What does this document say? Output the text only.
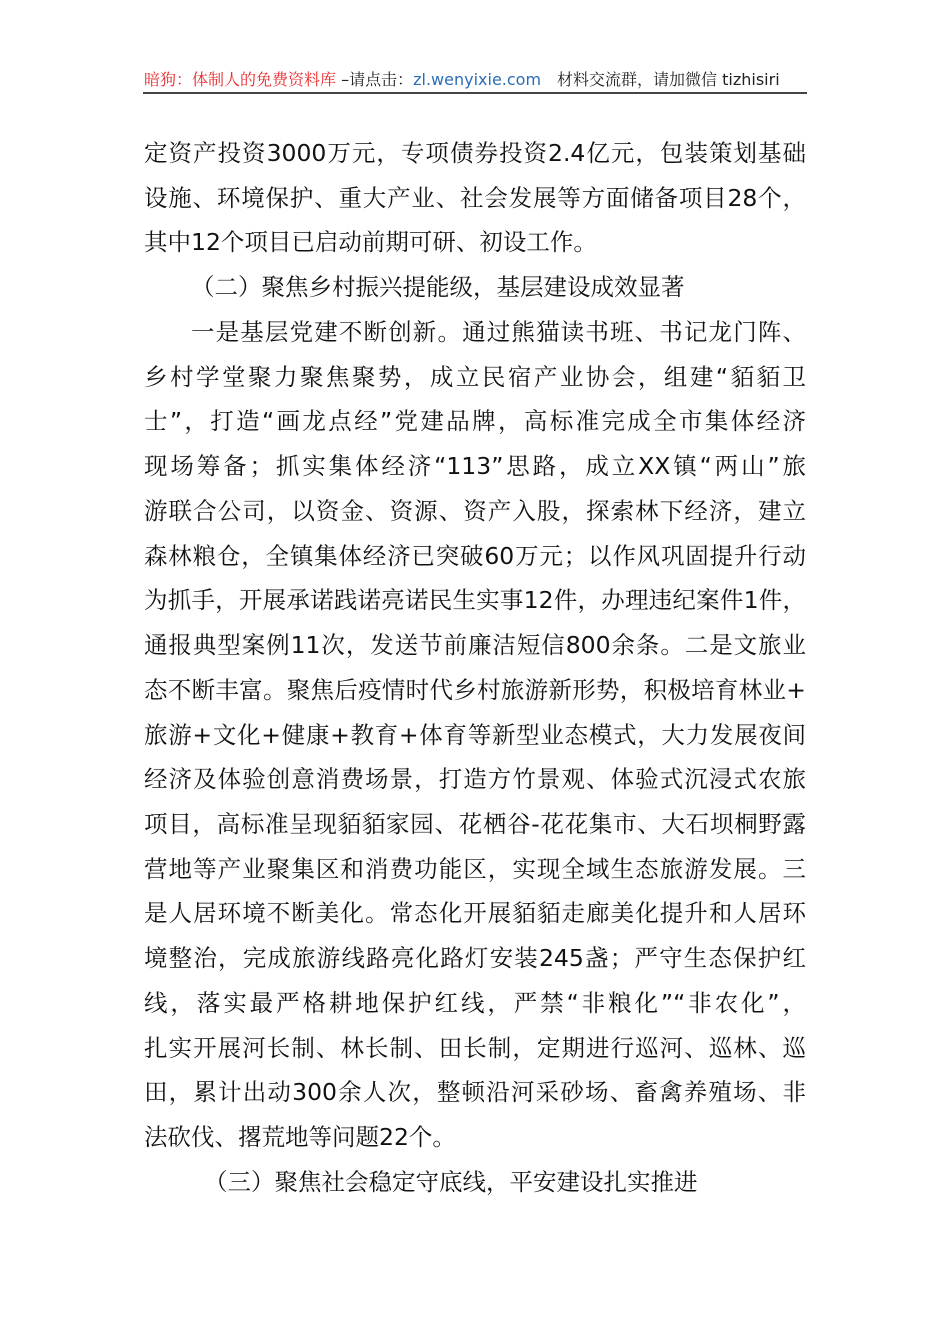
暗狗：体制人的免费资料库 –请点击：zl.wenyixie.com　材料交流群，请加微信 tizhisiri
定资产投资3000万元，专项债券投资2.4亿元，包装策划基础
设施、环境保护、重大产业、社会发展等方面储备项目28个，
其中12个项目已启动前期可研、初设工作。
（二）聚焦乡村振兴提能级，基层建设成效显著
一是基层党建不断创新。通过熊猫读书班、书记龙门阵、
乡村学堂聚力聚焦聚势，成立民宿产业协会，组建“貊貊卫
士”，打造“画龙点经”党建品牌，高标准完成全市集体经济
现场筹备；抓实集体经济“113”思路，成立XX镇“两山”旅
游联合公司，以资金、资源、资产入股，探索林下经济，建立
森林粮仓，全镇集体经济已突破60万元；以作风巩固提升行动
为抓手，开展承诺践诺亮诺民生实事12件，办理违纪案件1件，
通报典型案例11次，发送节前廉洁短信800余条。二是文旅业
态不断丰富。聚焦后疫情时代乡村旅游新形势，积极培育林业+
旅游+文化+健康+教育+体育等新型业态模式，大力发展夜间
经济及体验创意消费场景，打造方竹景观、体验式沉浸式农旅
项目，高标准呈现貊貊家园、花栖谷-花花集市、大石坝桐野露
营地等产业聚集区和消费功能区，实现全域生态旅游发展。三
是人居环境不断美化。常态化开展貊貊走廊美化提升和人居环
境整治，完成旅游线路亮化路灯安装245盏；严守生态保护红
线，落实最严格耕地保护红线，严禁“非粮化”“非农化”，
扎实开展河长制、林长制、田长制，定期进行巡河、巡林、巡
田，累计出动300余人次，整顿沿河采砂场、畜禽养殖场、非
法砍伐、撂荒地等问题22个。
（三）聚焦社会稳定守底线，平安建设扎实推进
